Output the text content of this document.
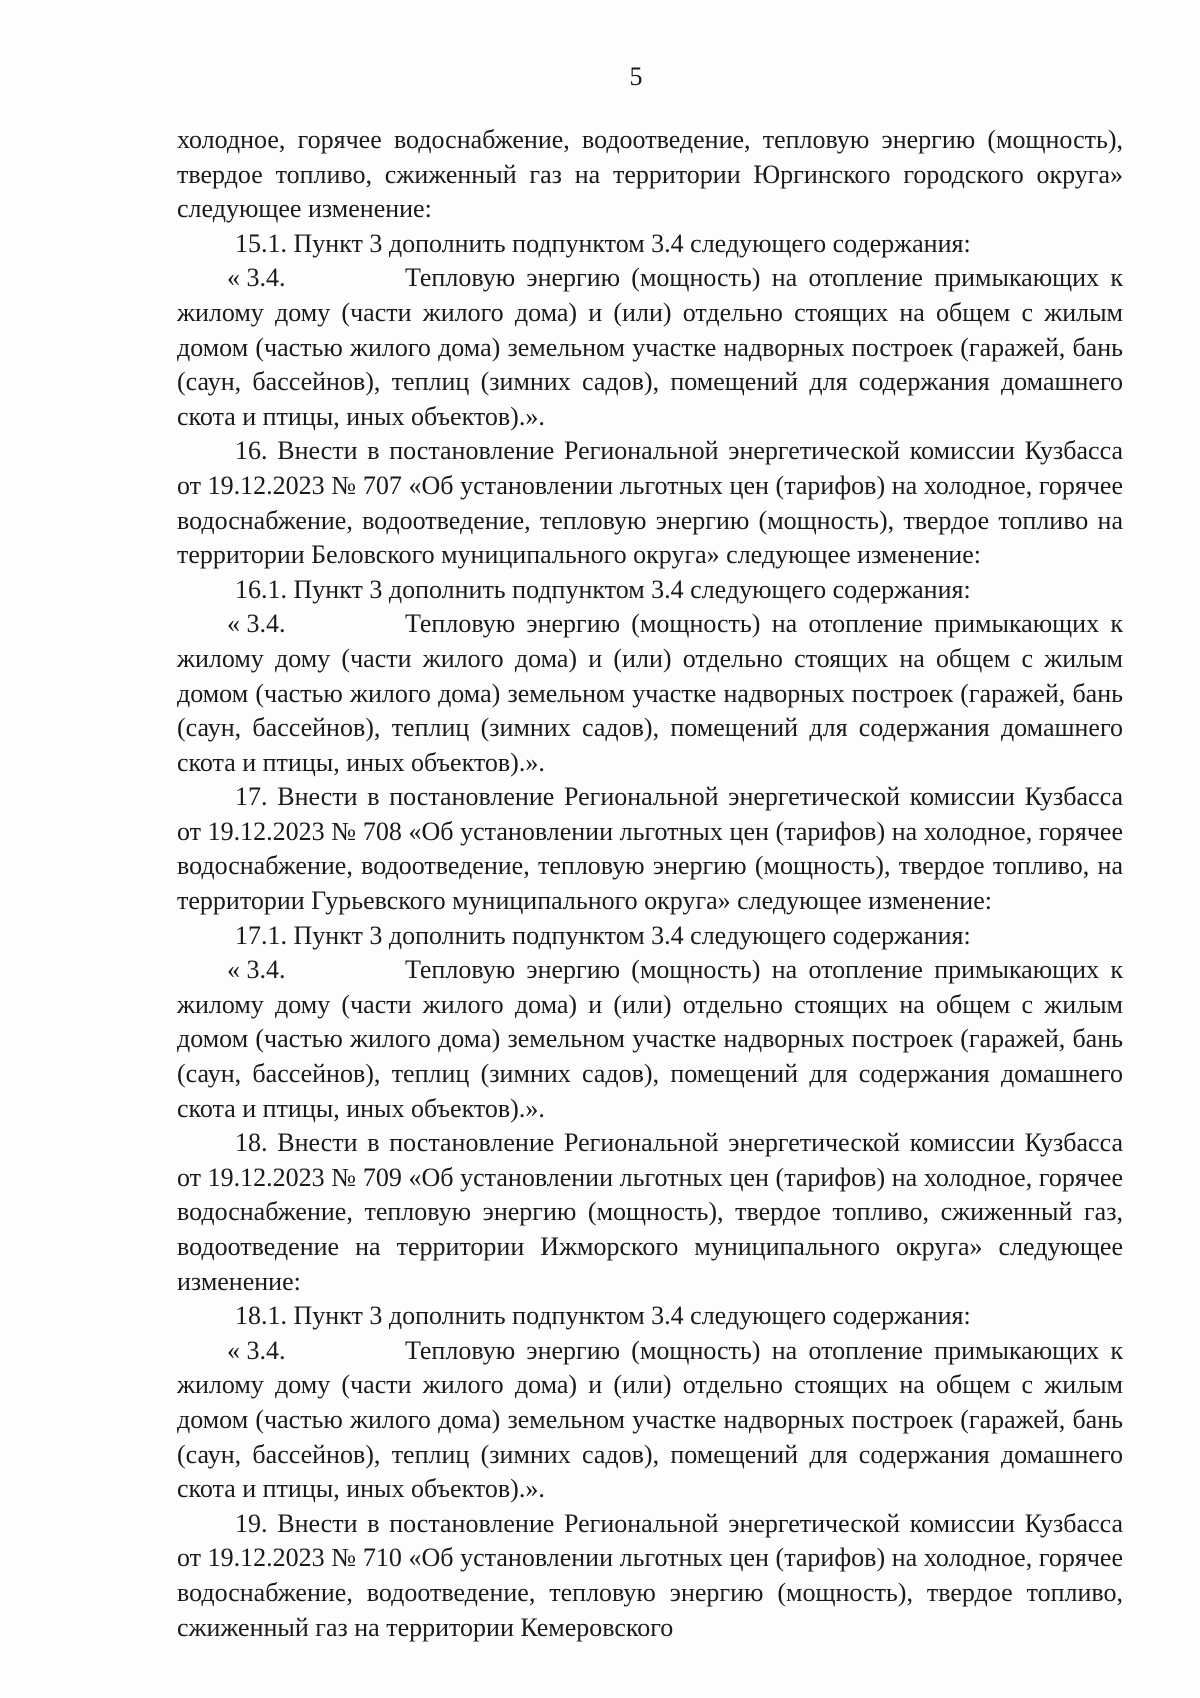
5

холодное, горячее водоснабжение, водоотведение, тепловую энергию (мощность), твердое топливо, сжиженный газ на территории Юргинского городского округа» следующее изменение:

15.1. Пункт 3 дополнить подпунктом 3.4 следующего содержания:

« 3.4.	Тепловую энергию (мощность) на отопление примыкающих к жилому дому (части жилого дома) и (или) отдельно стоящих на общем с жилым домом (частью жилого дома) земельном участке надворных построек (гаражей, бань (саун, бассейнов), теплиц (зимних садов), помещений для содержания домашнего скота и птицы, иных объектов).».

16. Внести в постановление Региональной энергетической комиссии Кузбасса от 19.12.2023 № 707 «Об установлении льготных цен (тарифов) на холодное, горячее водоснабжение, водоотведение, тепловую энергию (мощность), твердое топливо на территории Беловского муниципального округа» следующее изменение:

16.1. Пункт 3 дополнить подпунктом 3.4 следующего содержания:

« 3.4.	Тепловую энергию (мощность) на отопление примыкающих к жилому дому (части жилого дома) и (или) отдельно стоящих на общем с жилым домом (частью жилого дома) земельном участке надворных построек (гаражей, бань (саун, бассейнов), теплиц (зимних садов), помещений для содержания домашнего скота и птицы, иных объектов).».

17. Внести в постановление Региональной энергетической комиссии Кузбасса от 19.12.2023 № 708 «Об установлении льготных цен (тарифов) на холодное, горячее водоснабжение, водоотведение, тепловую энергию (мощность), твердое топливо, на территории Гурьевского муниципального округа» следующее изменение:

17.1. Пункт 3 дополнить подпунктом 3.4 следующего содержания:

« 3.4.	Тепловую энергию (мощность) на отопление примыкающих к жилому дому (части жилого дома) и (или) отдельно стоящих на общем с жилым домом (частью жилого дома) земельном участке надворных построек (гаражей, бань (саун, бассейнов), теплиц (зимних садов), помещений для содержания домашнего скота и птицы, иных объектов).».

18. Внести в постановление Региональной энергетической комиссии Кузбасса от 19.12.2023 № 709 «Об установлении льготных цен (тарифов) на холодное, горячее водоснабжение, тепловую энергию (мощность), твердое топливо, сжиженный газ, водоотведение на территории Ижморского муниципального округа» следующее изменение:

18.1. Пункт 3 дополнить подпунктом 3.4 следующего содержания:

« 3.4.	Тепловую энергию (мощность) на отопление примыкающих к жилому дому (части жилого дома) и (или) отдельно стоящих на общем с жилым домом (частью жилого дома) земельном участке надворных построек (гаражей, бань (саун, бассейнов), теплиц (зимних садов), помещений для содержания домашнего скота и птицы, иных объектов).».

19. Внести в постановление Региональной энергетической комиссии Кузбасса от 19.12.2023 № 710 «Об установлении льготных цен (тарифов) на холодное, горячее водоснабжение, водоотведение, тепловую энергию (мощность), твердое топливо, сжиженный газ на территории Кемеровского
